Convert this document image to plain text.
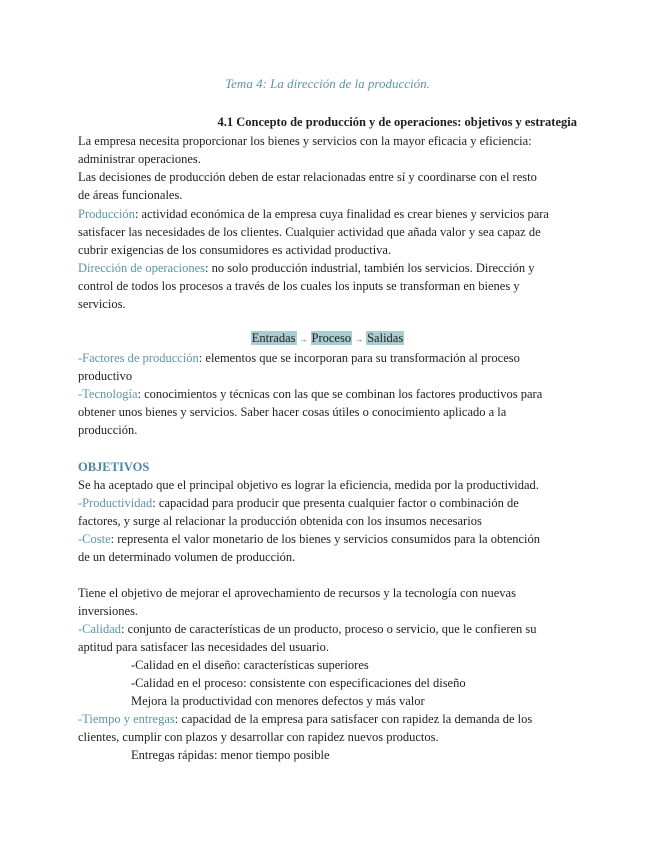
Tema 4: La dirección de la producción.
4.1 Concepto de producción y de operaciones: objetivos y estrategia
La empresa necesita proporcionar los bienes y servicios con la mayor eficacia y eficiencia:
administrar operaciones.
Las decisiones de producción deben de estar relacionadas entre sí y coordinarse con el resto
de áreas funcionales.
Producción: actividad económica de la empresa cuya finalidad es crear bienes y servicios para
satisfacer las necesidades de los clientes. Cualquier actividad que añada valor y sea capaz de
cubrir exigencias de los consumidores es actividad productiva.
Dirección de operaciones: no solo producción industrial, también los servicios. Dirección y
control de todos los procesos a través de los cuales los inputs se transforman en bienes y
servicios.
Entradas → Proceso → Salidas
-Factores de producción: elementos que se incorporan para su transformación al proceso
productivo
-Tecnología: conocimientos y técnicas con las que se combinan los factores productivos para
obtener unos bienes y servicios. Saber hacer cosas útiles o conocimiento aplicado a la
producción.
OBJETIVOS
Se ha aceptado que el principal objetivo es lograr la eficiencia, medida por la productividad.
-Productividad: capacidad para producir que presenta cualquier factor o combinación de
factores, y surge al relacionar la producción obtenida con los insumos necesarios
-Coste: representa el valor monetario de los bienes y servicios consumidos para la obtención
de un determinado volumen de producción.
Tiene el objetivo de mejorar el aprovechamiento de recursos y la tecnología con nuevas
inversiones.
-Calidad: conjunto de características de un producto, proceso o servicio, que le confieren su
aptitud para satisfacer las necesidades del usuario.
-Calidad en el diseño: características superiores
-Calidad en el proceso: consistente con especificaciones del diseño
Mejora la productividad con menores defectos y más valor
-Tiempo y entregas: capacidad de la empresa para satisfacer con rapidez la demanda de los
clientes, cumplir con plazos y desarrollar con rapidez nuevos productos.
Entregas rápidas: menor tiempo posible
